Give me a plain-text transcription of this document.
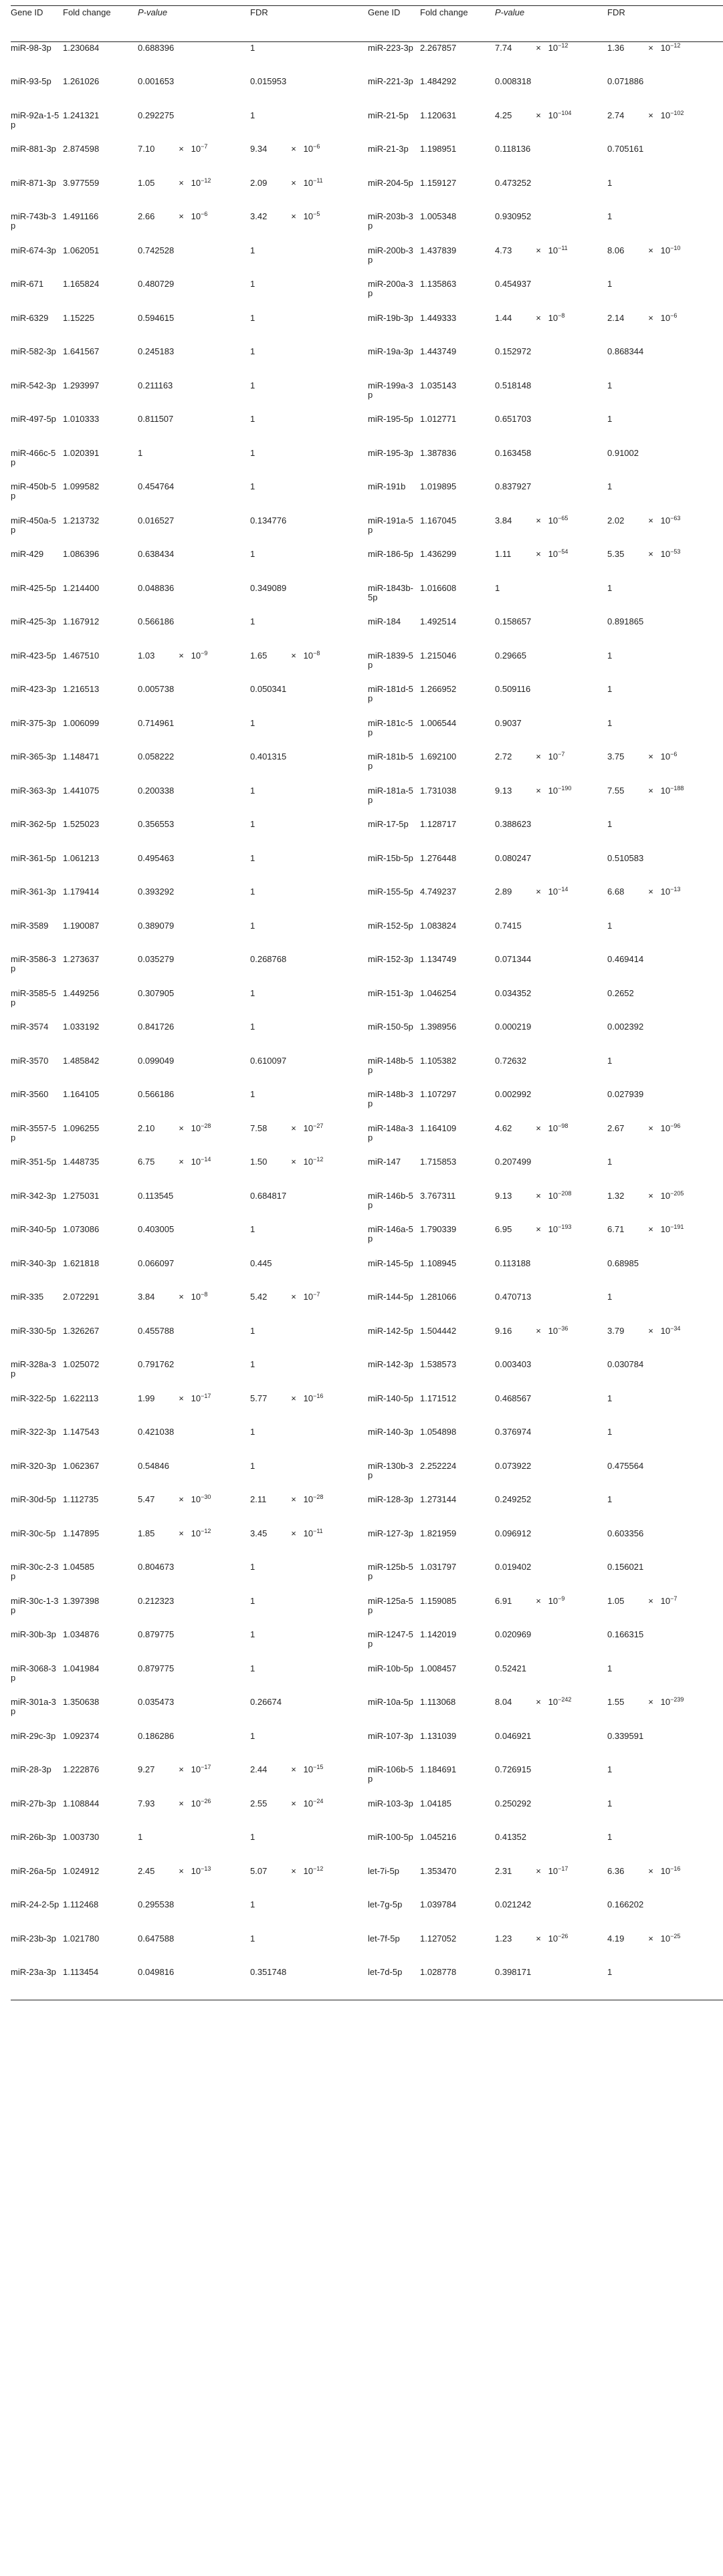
Gene ID	Fold change	P-value	FDR	Gene ID	Fold change	P-value	FDR
miR-98-3p	1.230684	0.688396	1	miR-223-3p	2.267857	$7.74 \times 10^{-12}$	$1.36 \times 10^{-12}$
miR-93-5p	1.261026	0.001653	0.015953	miR-221-3p	1.484292	0.008318	0.071886
miR-92a-1-5p	1.241321	0.292275	1	miR-21-5p	1.120631	$4.25 \times 10^{-104}$	$2.74 \times 10^{-102}$
miR-881-3p	2.874598	$7.10 \times 10^{-7}$	$9.34 \times 10^{-6}$	miR-21-3p	1.198951	0.118136	0.705161
miR-871-3p	3.977559	$1.05 \times 10^{-12}$	$2.09 \times 10^{-11}$	miR-204-5p	1.159127	0.473252	1
miR-743b-3p	1.491166	$2.66 \times 10^{-6}$	$3.42 \times 10^{-5}$	miR-203b-3p	1.005348	0.930952	1
miR-674-3p	1.062051	0.742528	1	miR-200b-3p	1.437839	$4.73 \times 10^{-11}$	$8.06 \times 10^{-10}$
miR-671	1.165824	0.480729	1	miR-200a-3p	1.135863	0.454937	1
miR-6329	1.15225	0.594615	1	miR-19b-3p	1.449333	$1.44 \times 10^{-8}$	$2.14 \times 10^{-6}$
miR-582-3p	1.641567	0.245183	1	miR-19a-3p	1.443749	0.152972	0.868344
miR-542-3p	1.293997	0.211163	1	miR-199a-3p	1.035143	0.518148	1
miR-497-5p	1.010333	0.811507	1	miR-195-5p	1.012771	0.651703	1
miR-466c-5p	1.020391	1	1	miR-195-3p	1.387836	0.163458	0.91002
miR-450b-5p	1.099582	0.454764	1	miR-191b	1.019895	0.837927	1
miR-450a-5p	1.213732	0.016527	0.134776	miR-191a-5p	1.167045	$3.84 \times 10^{-65}$	$2.02 \times 10^{-63}$
miR-429	1.086396	0.638434	1	miR-186-5p	1.436299	$1.11 \times 10^{-54}$	$5.35 \times 10^{-53}$
miR-425-5p	1.214400	0.048836	0.349089	miR-1843b-5p	1.016608	1	1
miR-425-3p	1.167912	0.566186	1	miR-184	1.492514	0.158657	0.891865
miR-423-5p	1.467510	$1.03 \times 10^{-9}$	$1.65 \times 10^{-8}$	miR-1839-5p	1.215046	0.29665	1
miR-423-3p	1.216513	0.005738	0.050341	miR-181d-5p	1.266952	0.509116	1
miR-375-3p	1.006099	0.714961	1	miR-181c-5p	1.006544	0.9037	1
miR-365-3p	1.148471	0.058222	0.401315	miR-181b-5p	1.692100	$2.72 \times 10^{-7}$	$3.75 \times 10^{-6}$
miR-363-3p	1.441075	0.200338	1	miR-181a-5p	1.731038	$9.13 \times 10^{-190}$	$7.55 \times 10^{-188}$
miR-362-5p	1.525023	0.356553	1	miR-17-5p	1.128717	0.388623	1
miR-361-5p	1.061213	0.495463	1	miR-15b-5p	1.276448	0.080247	0.510583
miR-361-3p	1.179414	0.393292	1	miR-155-5p	4.749237	$2.89 \times 10^{-14}$	$6.68 \times 10^{-13}$
miR-3589	1.190087	0.389079	1	miR-152-5p	1.083824	0.7415	1
miR-3586-3p	1.273637	0.035279	0.268768	miR-152-3p	1.134749	0.071344	0.469414
miR-3585-5p	1.449256	0.307905	1	miR-151-3p	1.046254	0.034352	0.2652
miR-3574	1.033192	0.841726	1	miR-150-5p	1.398956	0.000219	0.002392
miR-3570	1.485842	0.099049	0.610097	miR-148b-5p	1.105382	0.72632	1
miR-3560	1.164105	0.566186	1	miR-148b-3p	1.107297	0.002992	0.027939
miR-3557-5p	1.096255	$2.10 \times 10^{-28}$	$7.58 \times 10^{-27}$	miR-148a-3p	1.164109	$4.62 \times 10^{-98}$	$2.67 \times 10^{-96}$
miR-351-5p	1.448735	$6.75 \times 10^{-14}$	$1.50 \times 10^{-12}$	miR-147	1.715853	0.207499	1
miR-342-3p	1.275031	0.113545	0.684817	miR-146b-5p	3.767311	$9.13 \times 10^{-208}$	$1.32 \times 10^{-205}$
miR-340-5p	1.073086	0.403005	1	miR-146a-5p	1.790339	$6.95 \times 10^{-193}$	$6.71 \times 10^{-191}$
miR-340-3p	1.621818	0.066097	0.445	miR-145-5p	1.108945	0.113188	0.68985
miR-335	2.072291	$3.84 \times 10^{-8}$	$5.42 \times 10^{-7}$	miR-144-5p	1.281066	0.470713	1
miR-330-5p	1.326267	0.455788	1	miR-142-5p	1.504442	$9.16 \times 10^{-36}$	$3.79 \times 10^{-34}$
miR-328a-3p	1.025072	0.791762	1	miR-142-3p	1.538573	0.003403	0.030784
miR-322-5p	1.622113	$1.99 \times 10^{-17}$	$5.77 \times 10^{-16}$	miR-140-5p	1.171512	0.468567	1
miR-322-3p	1.147543	0.421038	1	miR-140-3p	1.054898	0.376974	1
miR-320-3p	1.062367	0.54846	1	miR-130b-3p	2.252224	0.073922	0.475564
miR-30d-5p	1.112735	$5.47 \times 10^{-30}$	$2.11 \times 10^{-28}$	miR-128-3p	1.273144	0.249252	1
miR-30c-5p	1.147895	$1.85 \times 10^{-12}$	$3.45 \times 10^{-11}$	miR-127-3p	1.821959	0.096912	0.603356
miR-30c-2-3p	1.04585	0.804673	1	miR-125b-5p	1.031797	0.019402	0.156021
miR-30c-1-3p	1.397398	0.212323	1	miR-125a-5p	1.159085	$6.91 \times 10^{-9}$	$1.05 \times 10^{-7}$
miR-30b-3p	1.034876	0.879775	1	miR-1247-5p	1.142019	0.020969	0.166315
miR-3068-3p	1.041984	0.879775	1	miR-10b-5p	1.008457	0.52421	1
miR-301a-3p	1.350638	0.035473	0.26674	miR-10a-5p	1.113068	$8.04 \times 10^{-242}$	$1.55 \times 10^{-239}$
miR-29c-3p	1.092374	0.186286	1	miR-107-3p	1.131039	0.046921	0.339591
miR-28-3p	1.222876	$9.27 \times 10^{-17}$	$2.44 \times 10^{-15}$	miR-106b-5p	1.184691	0.726915	1
miR-27b-3p	1.108844	$7.93 \times 10^{-26}$	$2.55 \times 10^{-24}$	miR-103-3p	1.04185	0.250292	1
miR-26b-3p	1.003730	1	1	miR-100-5p	1.045216	0.41352	1
miR-26a-5p	1.024912	$2.45 \times 10^{-13}$	$5.07 \times 10^{-12}$	let-7i-5p	1.353470	$2.31 \times 10^{-17}$	$6.36 \times 10^{-16}$
miR-24-2-5p	1.112468	0.295538	1	let-7g-5p	1.039784	0.021242	0.166202
miR-23b-3p	1.021780	0.647588	1	let-7f-5p	1.127052	$1.23 \times 10^{-26}$	$4.19 \times 10^{-25}$
miR-23a-3p	1.113454	0.049816	0.351748	let-7d-5p	1.028778	0.398171	1
